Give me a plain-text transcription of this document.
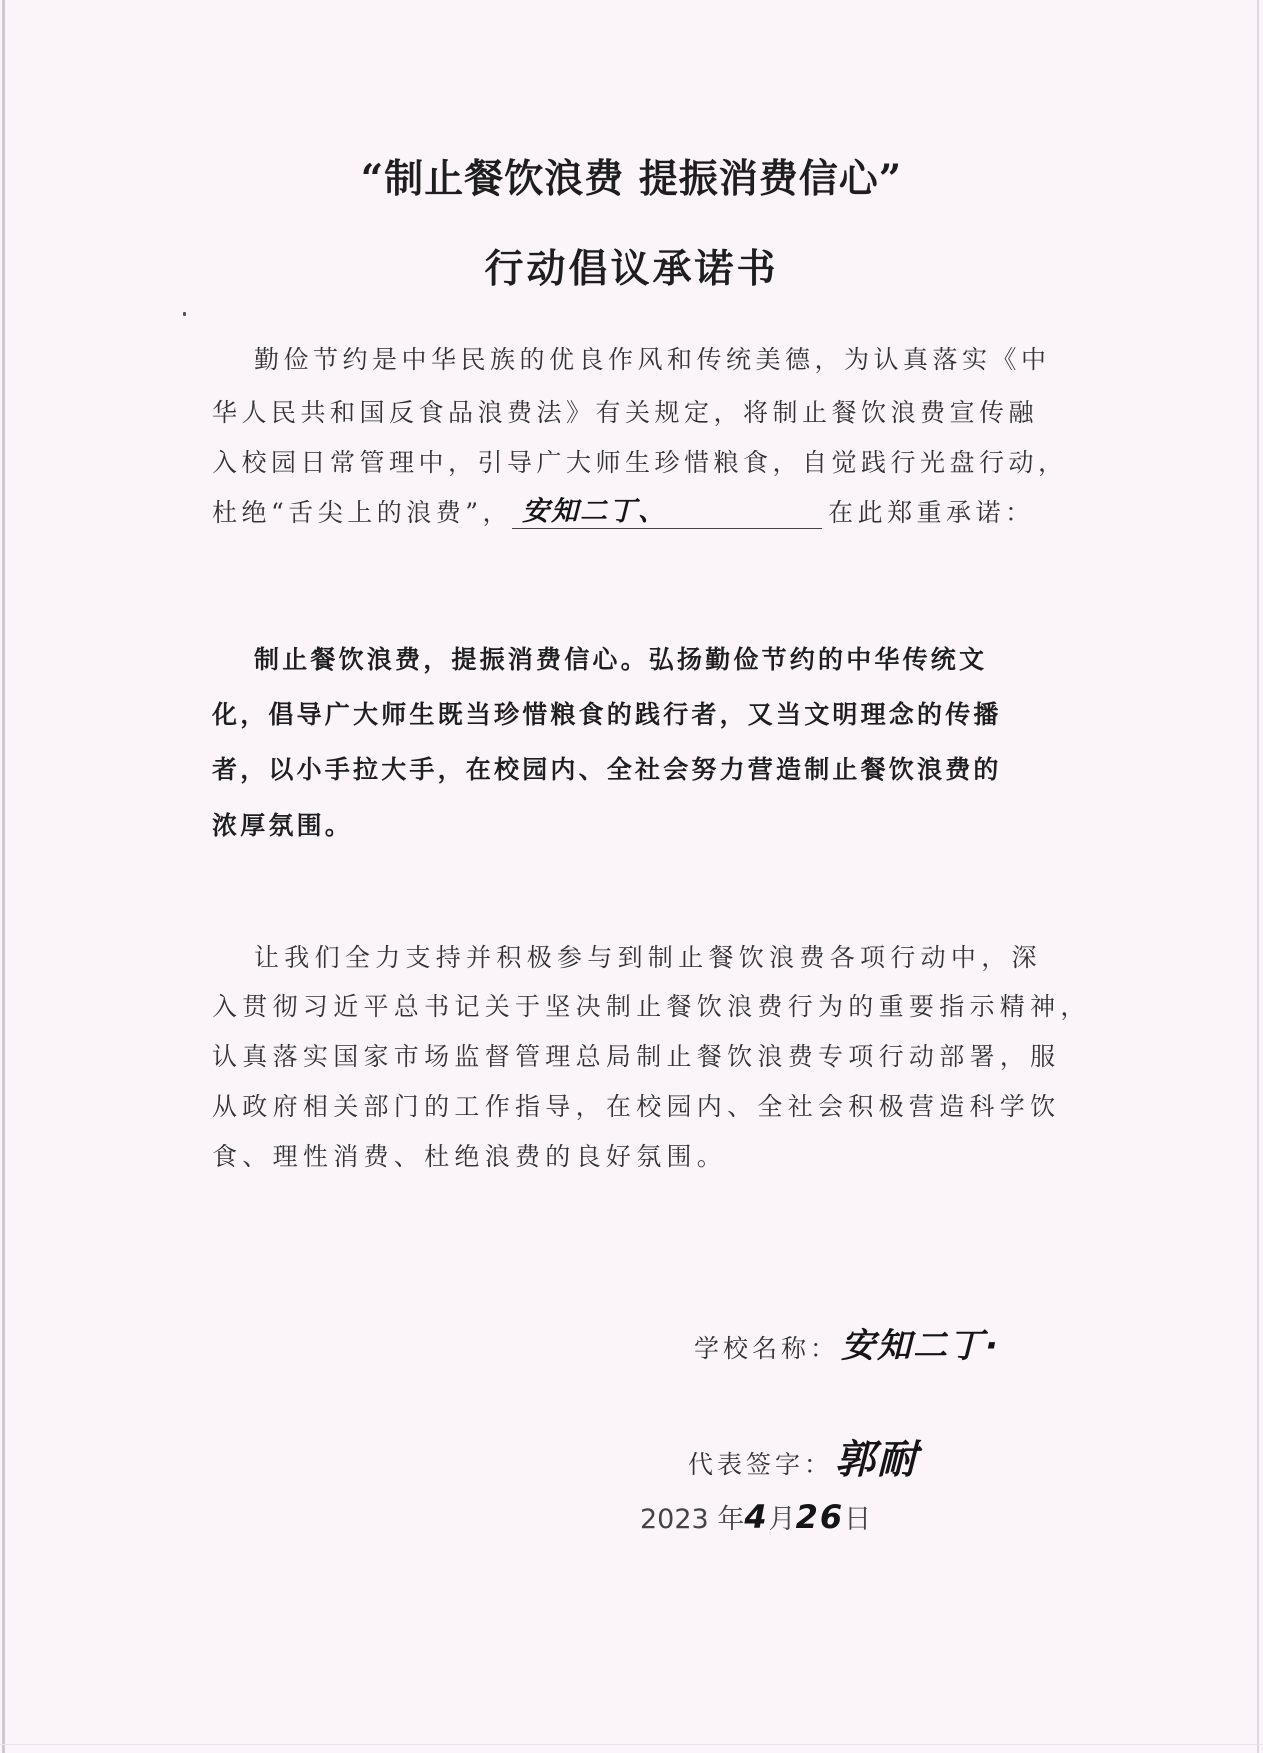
“制止餐饮浪费 提振消费信心”
行动倡议承诺书
勤俭节约是中华民族的优良作风和传统美德，为认真落实《中
华人民共和国反食品浪费法》有关规定，将制止餐饮浪费宣传融
入校园日常管理中，引导广大师生珍惜粮食，自觉践行光盘行动，
杜绝“舌尖上的浪费”， 安知二丁、	在此郑重承诺：
制止餐饮浪费，提振消费信心。弘扬勤俭节约的中华传统文
化，倡导广大师生既当珍惜粮食的践行者，又当文明理念的传播
者，以小手拉大手，在校园内、全社会努力营造制止餐饮浪费的
浓厚氛围。
让我们全力支持并积极参与到制止餐饮浪费各项行动中，深
入贯彻习近平总书记关于坚决制止餐饮浪费行为的重要指示精神，
认真落实国家市场监督管理总局制止餐饮浪费专项行动部署，服
从政府相关部门的工作指导，在校园内、全社会积极营造科学饮
食、理性消费、杜绝浪费的良好氛围。
学校名称：安知二丁·
代表签字：郭耐
2023 年4月26日
